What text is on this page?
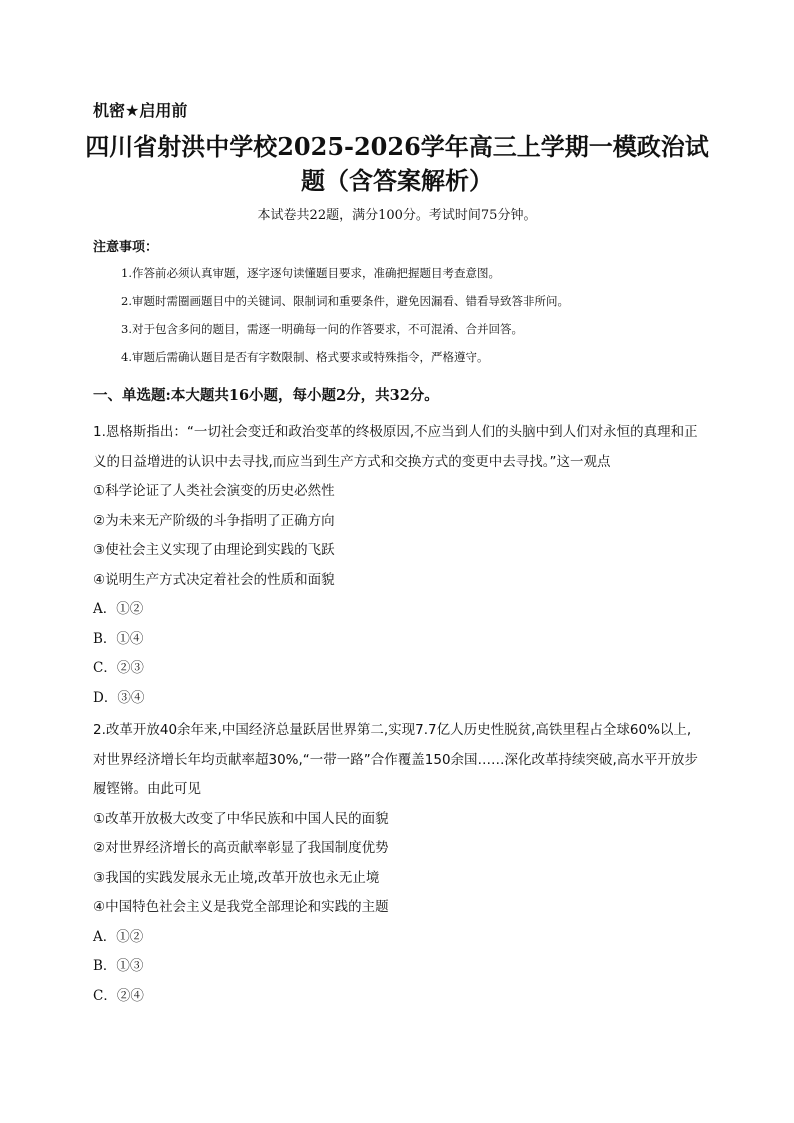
机密★启用前
四川省射洪中学校2025-2026学年高三上学期一模政治试
题（含答案解析）
本试卷共22题，满分100分。考试时间75分钟。
注意事项：
1.作答前必须认真审题，逐字逐句读懂题目要求，准确把握题目考查意图。
2.审题时需圈画题目中的关键词、限制词和重要条件，避免因漏看、错看导致答非所问。
3.对于包含多问的题目，需逐一明确每一问的作答要求，不可混淆、合并回答。
4.审题后需确认题目是否有字数限制、格式要求或特殊指令，严格遵守。
一、单选题:本大题共16小题，每小题2分，共32分。
1.恩格斯指出：“一切社会变迁和政治变革的终极原因,不应当到人们的头脑中到人们对永恒的真理和正义的日益增进的认识中去寻找,而应当到生产方式和交换方式的变更中去寻找。”这一观点
①科学论证了人类社会演变的历史必然性
②为未来无产阶级的斗争指明了正确方向
③使社会主义实现了由理论到实践的飞跃
④说明生产方式决定着社会的性质和面貌
A．①②
B．①④
C．②③
D．③④
2.改革开放40余年来,中国经济总量跃居世界第二,实现7.7亿人历史性脱贫,高铁里程占全球60%以上,对世界经济增长年均贡献率超30%,“一带一路”合作覆盖150余国……深化改革持续突破,高水平开放步履铿锵。由此可见
①改革开放极大改变了中华民族和中国人民的面貌
②对世界经济增长的高贡献率彰显了我国制度优势
③我国的实践发展永无止境,改革开放也永无止境
④中国特色社会主义是我党全部理论和实践的主题
A．①②
B．①③
C．②④
